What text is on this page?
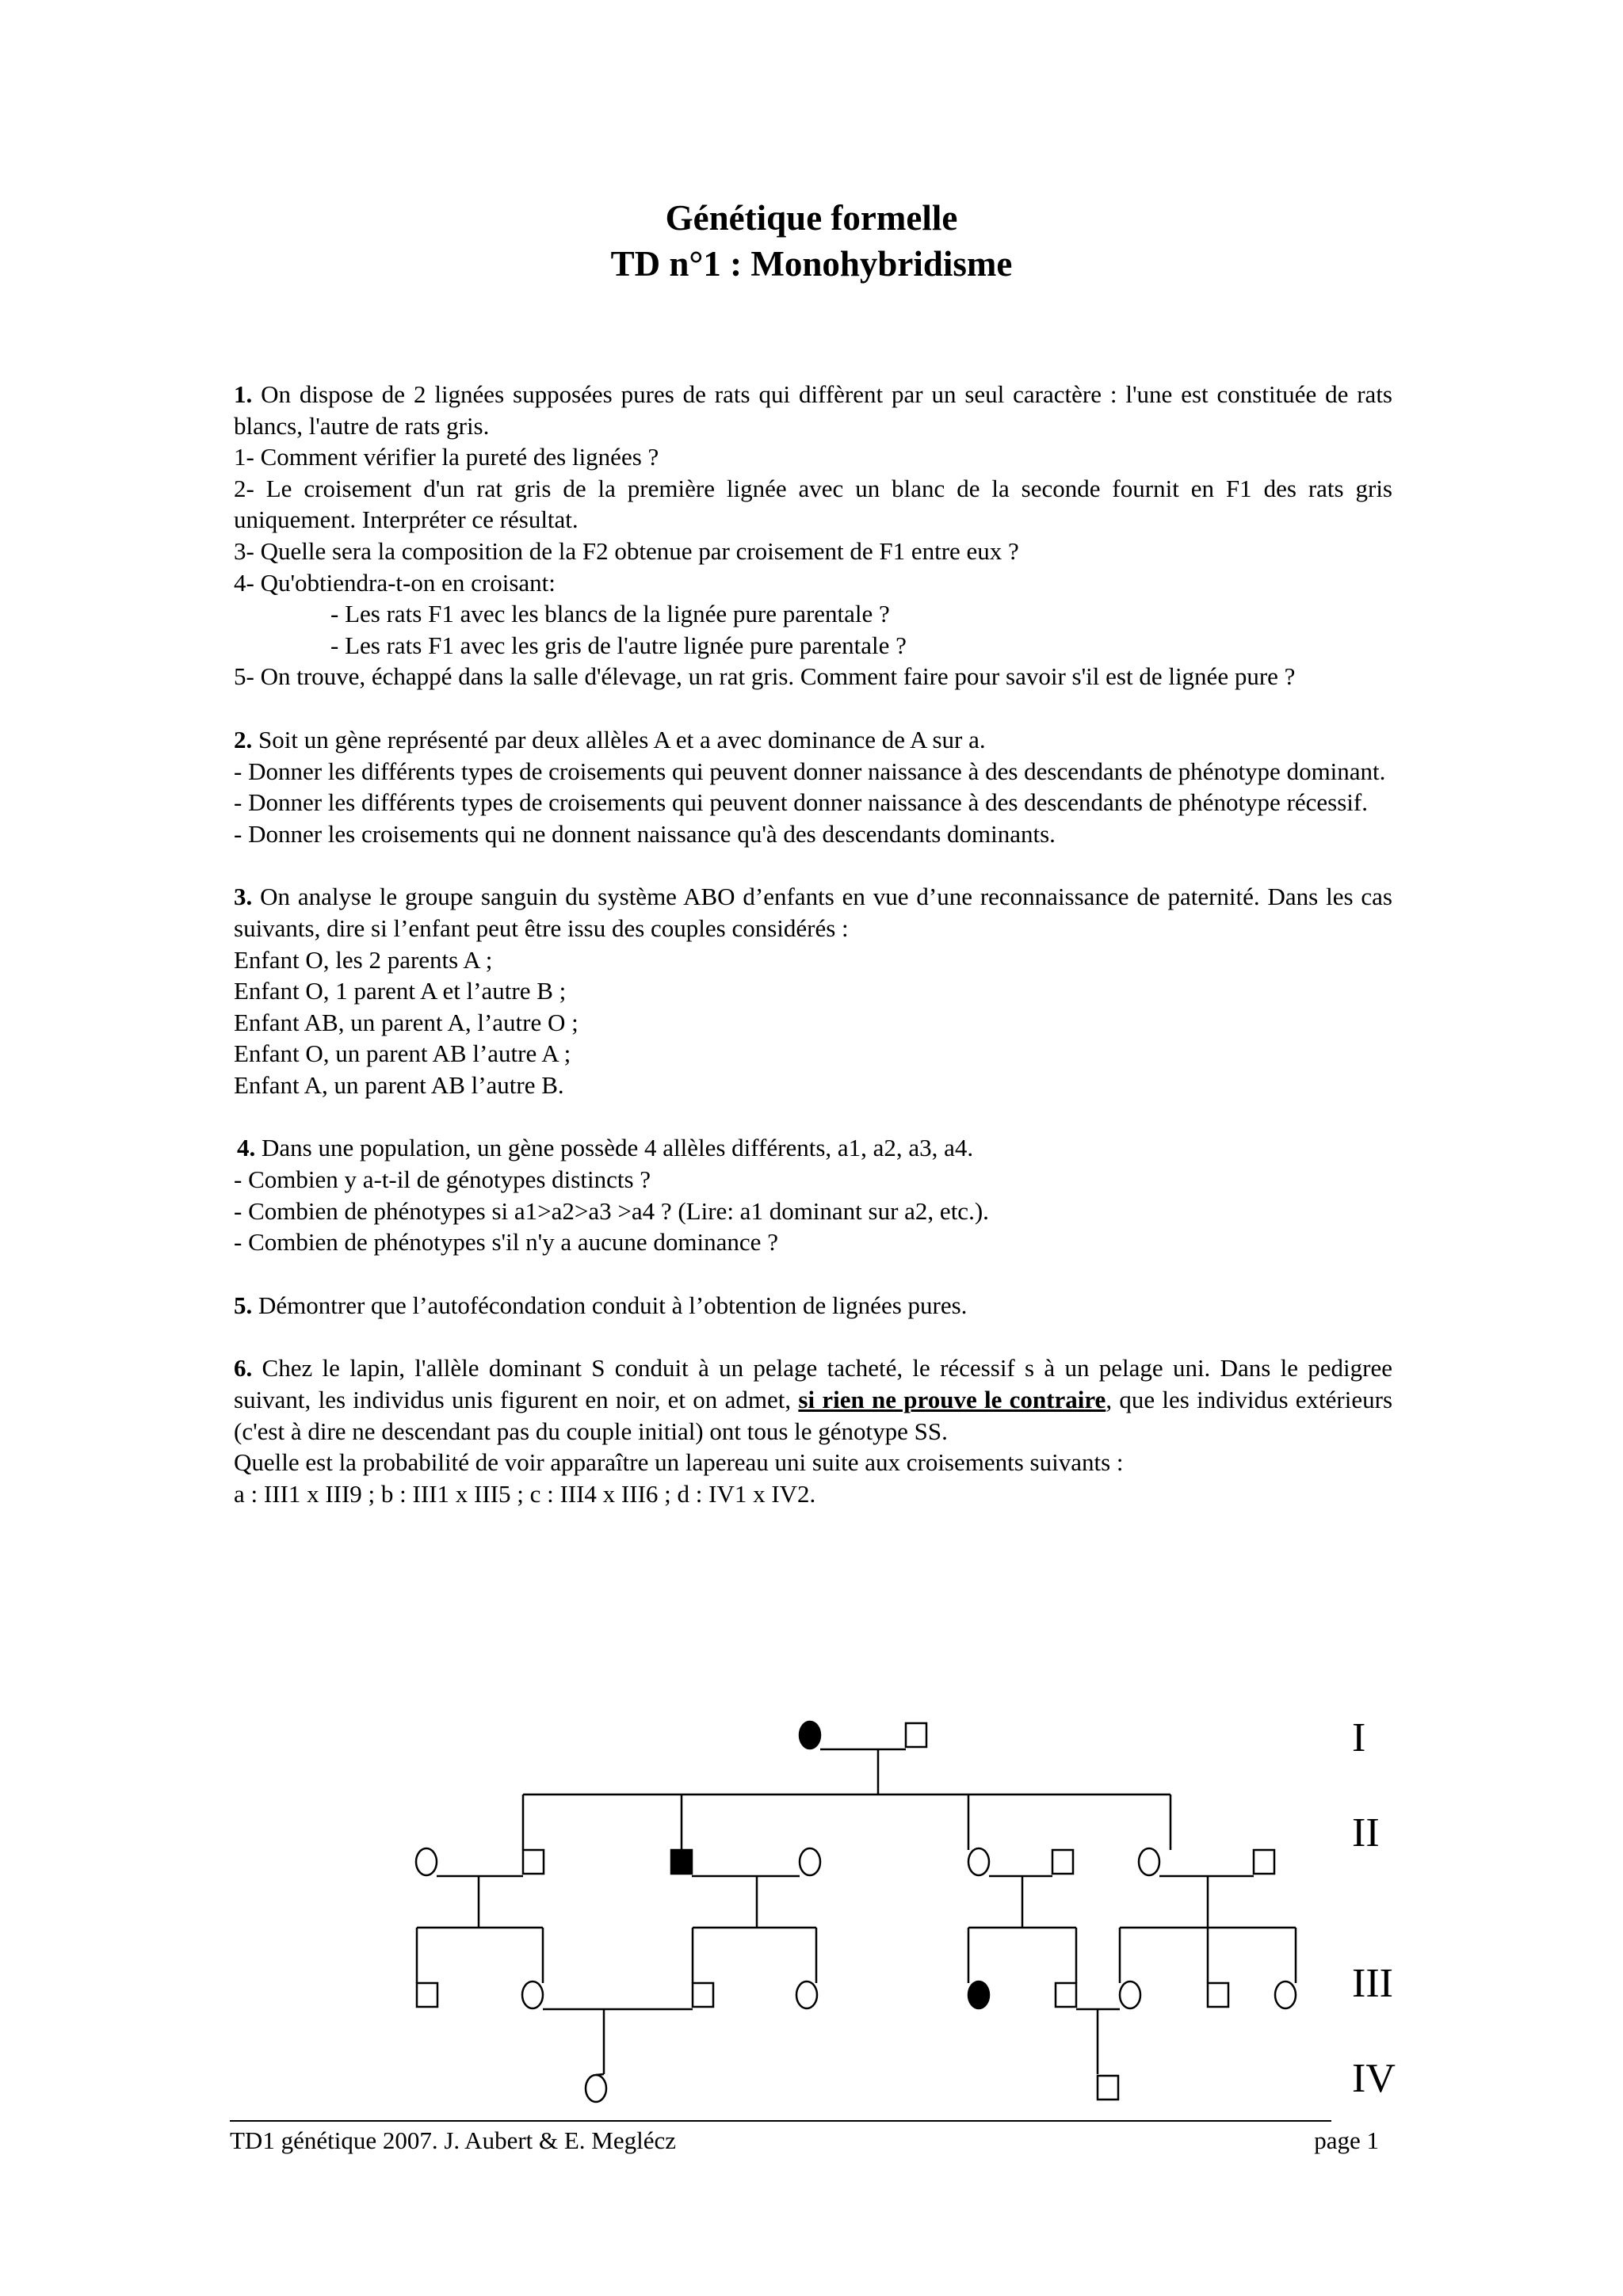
Génétique formelle
TD n°1 : Monohybridisme

1. On dispose de 2 lignées supposées pures de rats qui diffèrent par un seul caractère : l'une est constituée de rats blancs, l'autre de rats gris.

1- Comment vérifier la pureté des lignées ?

2- Le croisement d'un rat gris de la première lignée avec un blanc de la seconde fournit en F1 des rats gris uniquement. Interpréter ce résultat.

3- Quelle sera la composition de la F2 obtenue par croisement de F1 entre eux ?

4- Qu'obtiendra-t-on en croisant:

- Les rats F1 avec les blancs de la lignée pure parentale ?

- Les rats F1 avec les gris de l'autre lignée pure parentale ?

5- On trouve, échappé dans la salle d'élevage, un rat gris. Comment faire pour savoir s'il est de lignée pure ?

2. Soit un gène représenté par deux allèles A et a avec dominance de A sur a.

- Donner les différents types de croisements qui peuvent donner naissance à des descendants de phénotype dominant.

- Donner les différents types de croisements qui peuvent donner naissance à des descendants de phénotype récessif.

- Donner les croisements qui ne donnent naissance qu'à des descendants dominants.

3. On analyse le groupe sanguin du système ABO d’enfants en vue d’une reconnaissance de paternité. Dans les cas suivants, dire si l’enfant peut être issu des couples considérés :

Enfant O, les 2 parents A ;

Enfant O, 1 parent A et l’autre B ;

Enfant AB, un parent A, l’autre O ;

Enfant O, un parent AB l’autre A ;

Enfant A, un parent AB l’autre B.

4. Dans une population, un gène possède 4 allèles différents, a1, a2, a3, a4.

- Combien y a-t-il de génotypes distincts ?

- Combien de phénotypes si a1>a2>a3 >a4 ? (Lire: a1 dominant sur a2, etc.).

- Combien de phénotypes s'il n'y a aucune dominance ?

5. Démontrer que l’autofécondation conduit à l’obtention de lignées pures.

6. Chez le lapin, l'allèle dominant S conduit à un pelage tacheté, le récessif s à un pelage uni. Dans le pedigree suivant, les individus unis figurent en noir, et on admet, si rien ne prouve le contraire, que les individus extérieurs (c'est à dire ne descendant pas du couple initial) ont tous le génotype SS.

Quelle est la probabilité de voir apparaître un lapereau uni suite aux croisements suivants :

a : III1 x III9 ; b : III1 x III5 ; c : III4 x III6 ; d : IV1 x IV2.

I
II
III
IV
TD1 génétique 2007. J. Aubert & E. Meglécz	page 1
